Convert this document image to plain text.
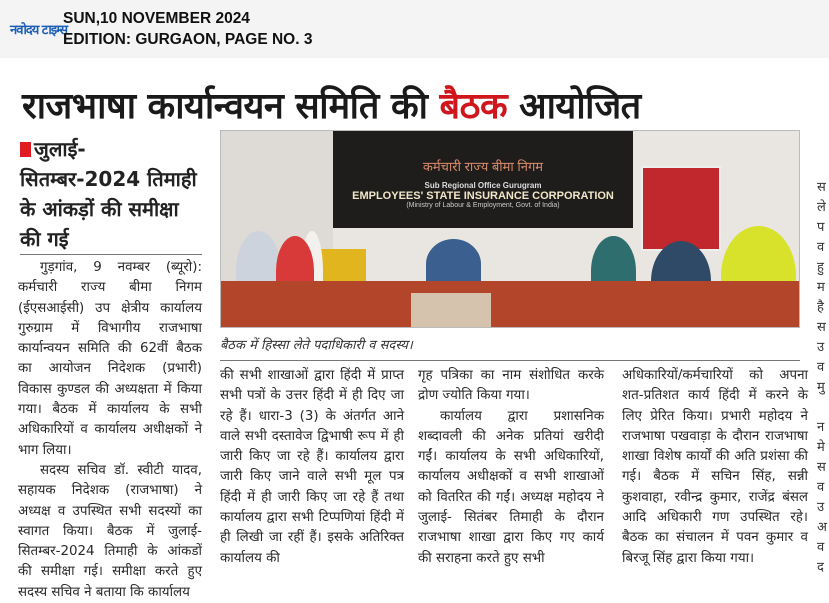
नवोदय टाइम्स
SUN,10 NOVEMBER 2024
EDITION: GURGAON, PAGE NO. 3
राजभाषा कार्यान्वयन समिति की बैठक आयोजित
जुलाई-सितम्बर-2024 तिमाही के आंकड़ों की समीक्षा की गई

गुड़गांव, 9 नवम्बर (ब्यूरो): कर्मचारी राज्य बीमा निगम (ईएसआईसी) उप क्षेत्रीय कार्यालय गुरुग्राम में विभागीय राजभाषा कार्यान्वयन समिति की 62वीं बैठक का आयोजन निदेशक (प्रभारी) विकास कुण्डल की अध्यक्षता में किया गया। बैठक में कार्यालय के सभी अधिकारियों व कार्यालय अधीक्षकों ने भाग लिया।

सदस्य सचिव डॉ. स्वीटी यादव, सहायक निदेशक (राजभाषा) ने अध्यक्ष व उपस्थित सभी सदस्यों का स्वागत किया। बैठक में जुलाई-सितम्बर-2024 तिमाही के आंकडों की समीक्षा गई। समीक्षा करते हुए सदस्य सचिव ने बताया कि कार्यालय

कर्मचारी राज्य बीमा निगम
Sub Regional Office Gurugram
EMPLOYEES' STATE INSURANCE CORPORATION
(Ministry of Labour & Employment, Govt. of India)
बैठक में हिस्सा लेते पदाधिकारी व सदस्य।

की सभी शाखाओं द्वारा हिंदी में प्राप्त सभी पत्रों के उत्तर हिंदी में ही दिए जा रहे हैं। धारा-3 (3) के अंतर्गत आने वाले सभी दस्तावेज द्विभाषी रूप में ही जारी किए जा रहे हैं। कार्यालय द्वारा जारी किए जाने वाले सभी मूल पत्र हिंदी में ही जारी किए जा रहे हैं तथा कार्यालय द्वारा सभी टिप्पणियां हिंदी में ही लिखी जा रहीं हैं। इसके अतिरिक्त कार्यालय की

गृह पत्रिका का नाम संशोधित करके द्रोण ज्योति किया गया।

कार्यालय द्वारा प्रशासनिक शब्दावली की अनेक प्रतियां खरीदी गईं। कार्यालय के सभी अधिकारियों, कार्यालय अधीक्षकों व सभी शाखाओं को वितरित की गईं। अध्यक्ष महोदय ने जुलाई- सितंबर तिमाही के दौरान राजभाषा शाखा द्वारा किए गए कार्य की सराहना करते हुए सभी

अधिकारियों/कर्मचारियों को अपना शत-प्रतिशत कार्य हिंदी में करने के लिए प्रेरित किया। प्रभारी महोदय ने राजभाषा पखवाड़ा के दौरान राजभाषा शाखा विशेष कार्यों की अति प्रशंसा की गई। बैठक में सचिन सिंह, सन्नी कुशवाहा, रवीन्द्र कुमार, राजेंद्र बंसल आदि अधिकारी गण उपस्थित रहे। बैठक का संचालन में पवन कुमार व बिरजू सिंह द्वारा किया गया।

स
ले
प
व
हु
म
है
स
उ
व
मु

न
मे
स
व
उ
अ
व
द
